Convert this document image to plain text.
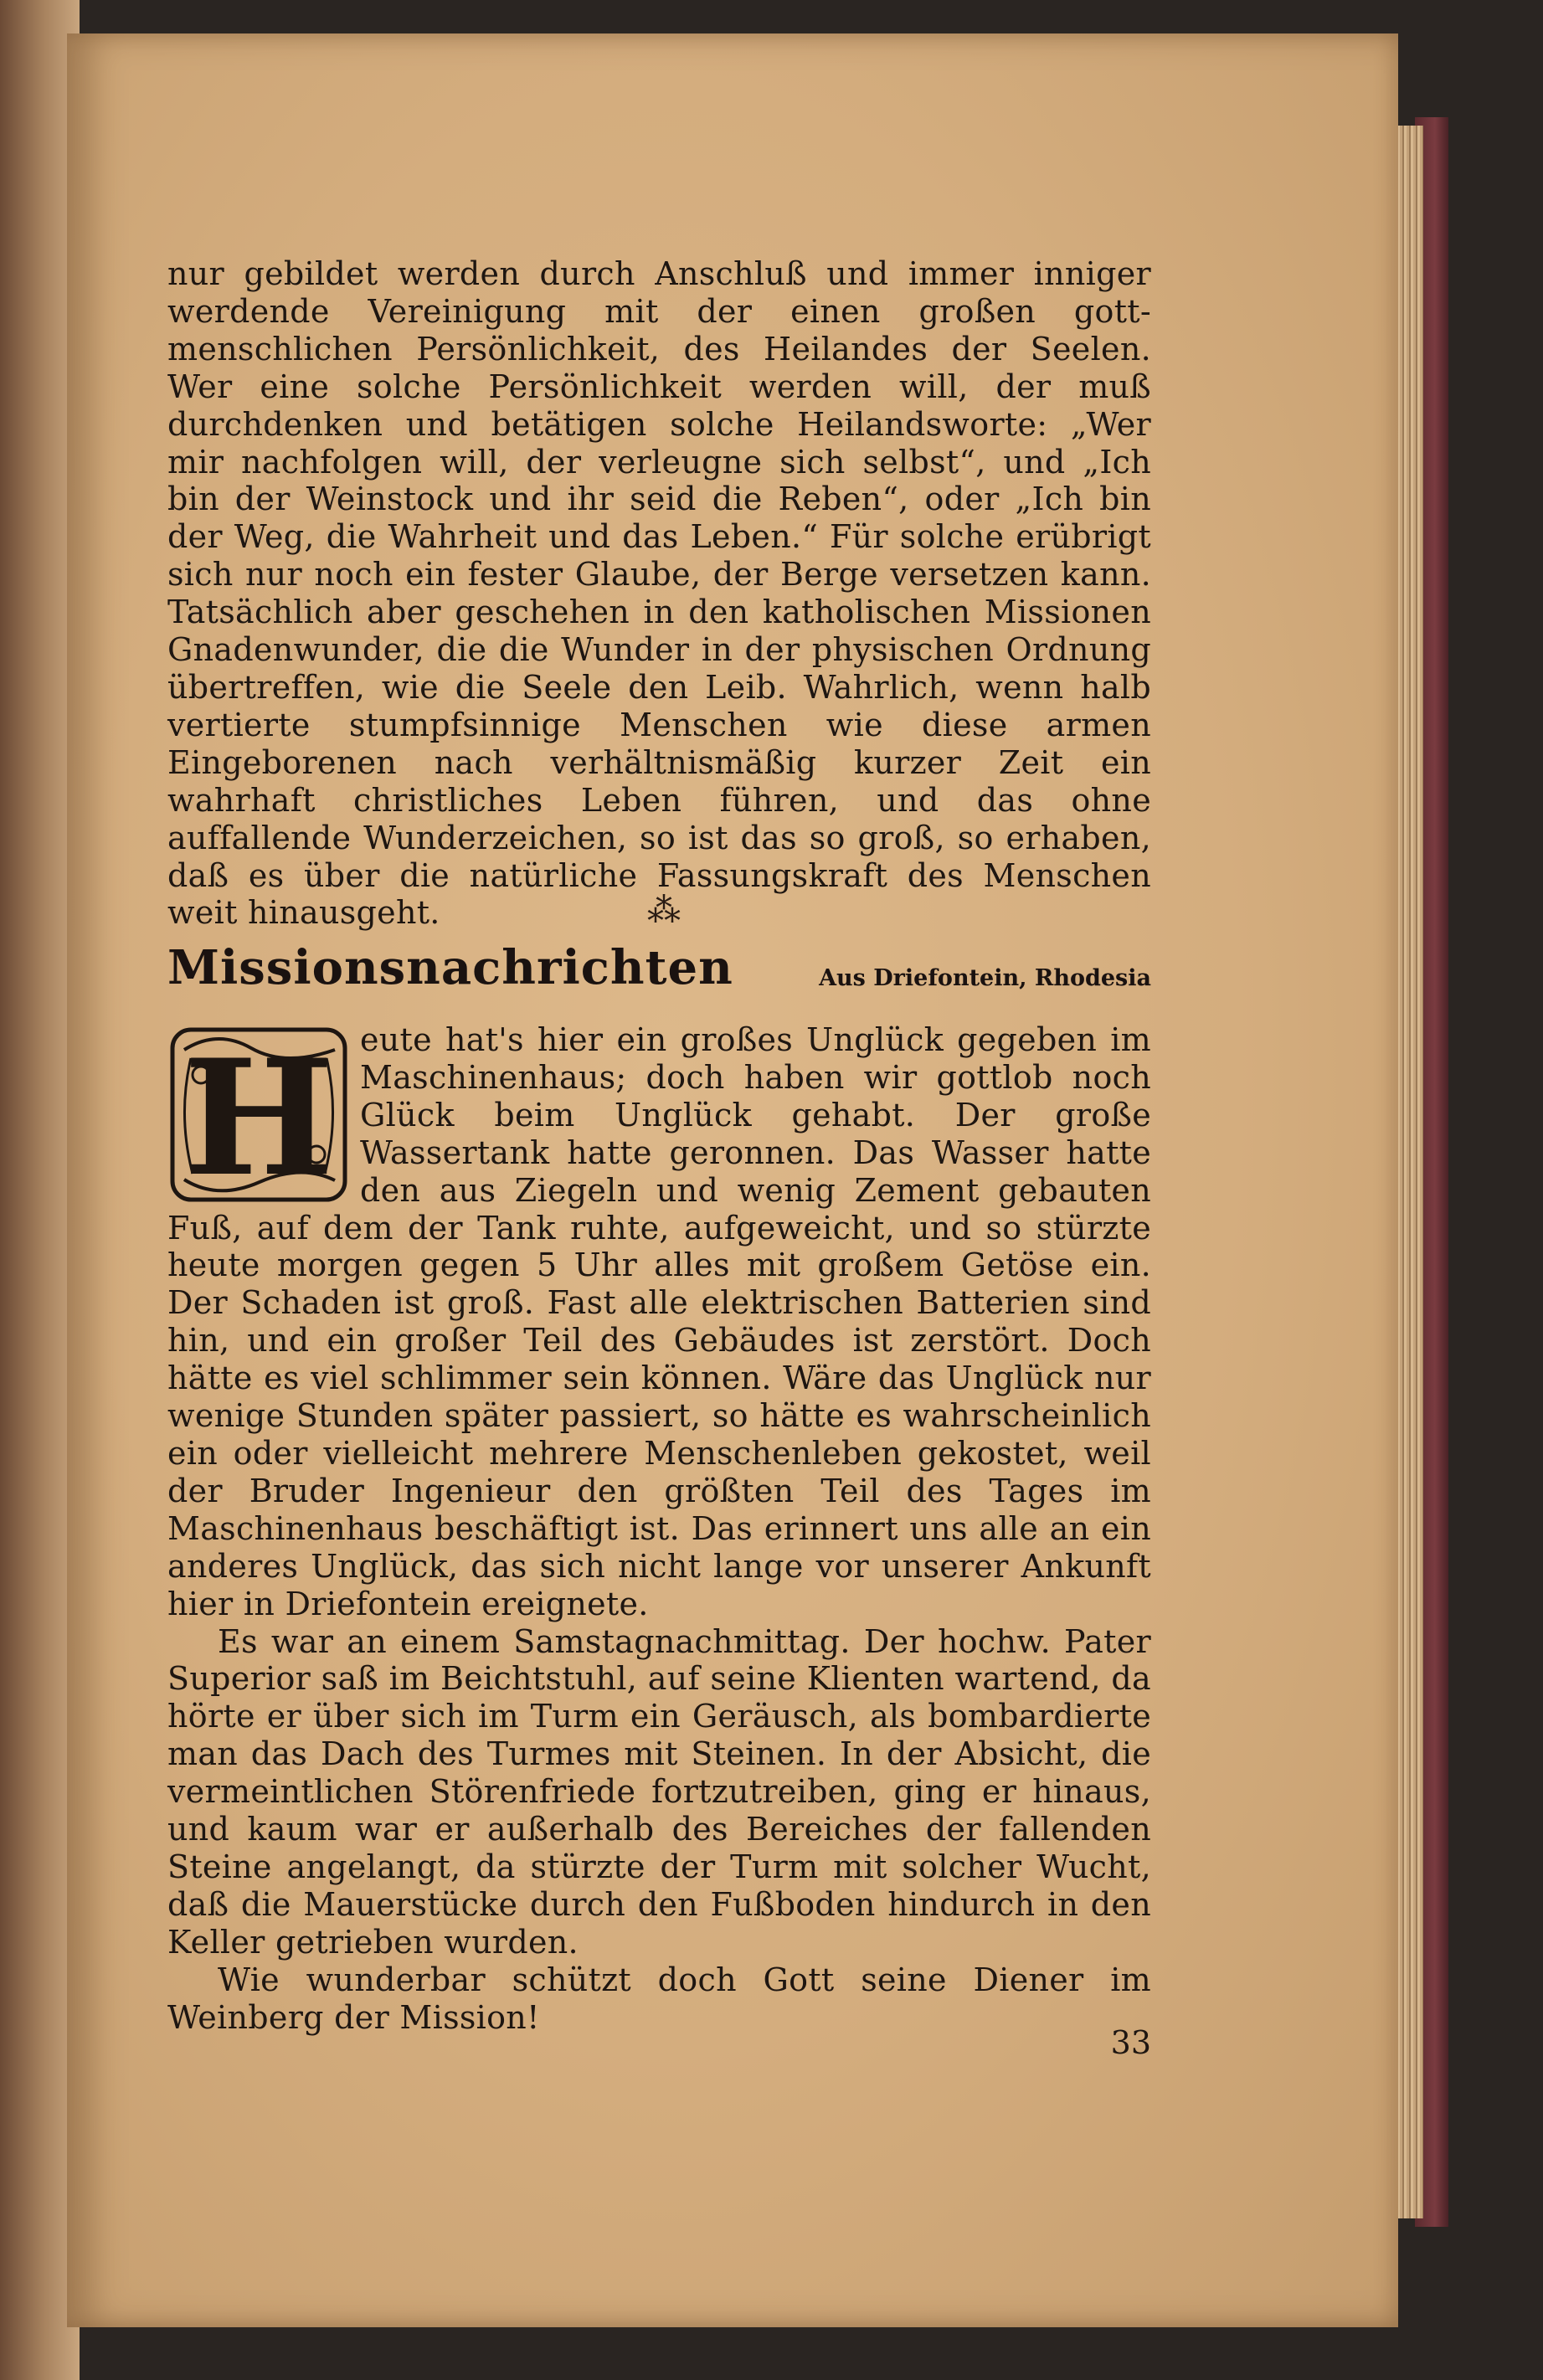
nur gebildet werden durch Anschluß und immer inniger werdende Vereinigung mit der einen großen gott-menschlichen Persönlichkeit, des Heilandes der Seelen. Wer eine solche Persönlichkeit werden will, der muß durchdenken und betätigen solche Heilandsworte: „Wer mir nachfolgen will, der verleugne sich selbst“, und „Ich bin der Weinstock und ihr seid die Reben“, oder „Ich bin der Weg, die Wahrheit und das Leben.“ Für solche erübrigt sich nur noch ein fester Glaube, der Berge versetzen kann. Tatsächlich aber geschehen in den katholischen Missionen Gnadenwunder, die die Wunder in der physischen Ordnung übertreffen, wie die Seele den Leib. Wahrlich, wenn halb vertierte stumpfsinnige Menschen wie diese armen Eingeborenen nach verhältnismäßig kurzer Zeit ein wahrhaft christliches Leben führen, und das ohne auffallende Wunderzeichen, so ist das so groß, so erhaben, daß es über die natürliche Fassungskraft des Menschen weit hinausgeht.	⁂
Missionsnachrichten	Aus Driefontein, Rhodesia
H eute hat's hier ein großes Unglück gegeben im Maschinenhaus; doch haben wir gottlob noch Glück beim Unglück gehabt. Der große Wassertank hatte geronnen. Das Wasser hatte den aus Ziegeln und wenig Zement gebauten Fuß, auf dem der Tank ruhte, aufgeweicht, und so stürzte heute morgen gegen 5 Uhr alles mit großem Getöse ein. Der Schaden ist groß. Fast alle elektrischen Batterien sind hin, und ein großer Teil des Gebäudes ist zerstört. Doch hätte es viel schlimmer sein können. Wäre das Unglück nur wenige Stunden später passiert, so hätte es wahrscheinlich ein oder vielleicht mehrere Menschenleben gekostet, weil der Bruder Ingenieur den größten Teil des Tages im Maschinenhaus beschäftigt ist. Das erinnert uns alle an ein anderes Unglück, das sich nicht lange vor unserer Ankunft hier in Driefontein ereignete.

Es war an einem Samstagnachmittag. Der hochw. Pater Superior saß im Beichtstuhl, auf seine Klienten wartend, da hörte er über sich im Turm ein Geräusch, als bombardierte man das Dach des Turmes mit Steinen. In der Absicht, die vermeintlichen Störenfriede fortzutreiben, ging er hinaus, und kaum war er außerhalb des Bereiches der fallenden Steine angelangt, da stürzte der Turm mit solcher Wucht, daß die Mauerstücke durch den Fußboden hindurch in den Keller getrieben wurden.

Wie wunderbar schützt doch Gott seine Diener im Weinberg der Mission!

33
